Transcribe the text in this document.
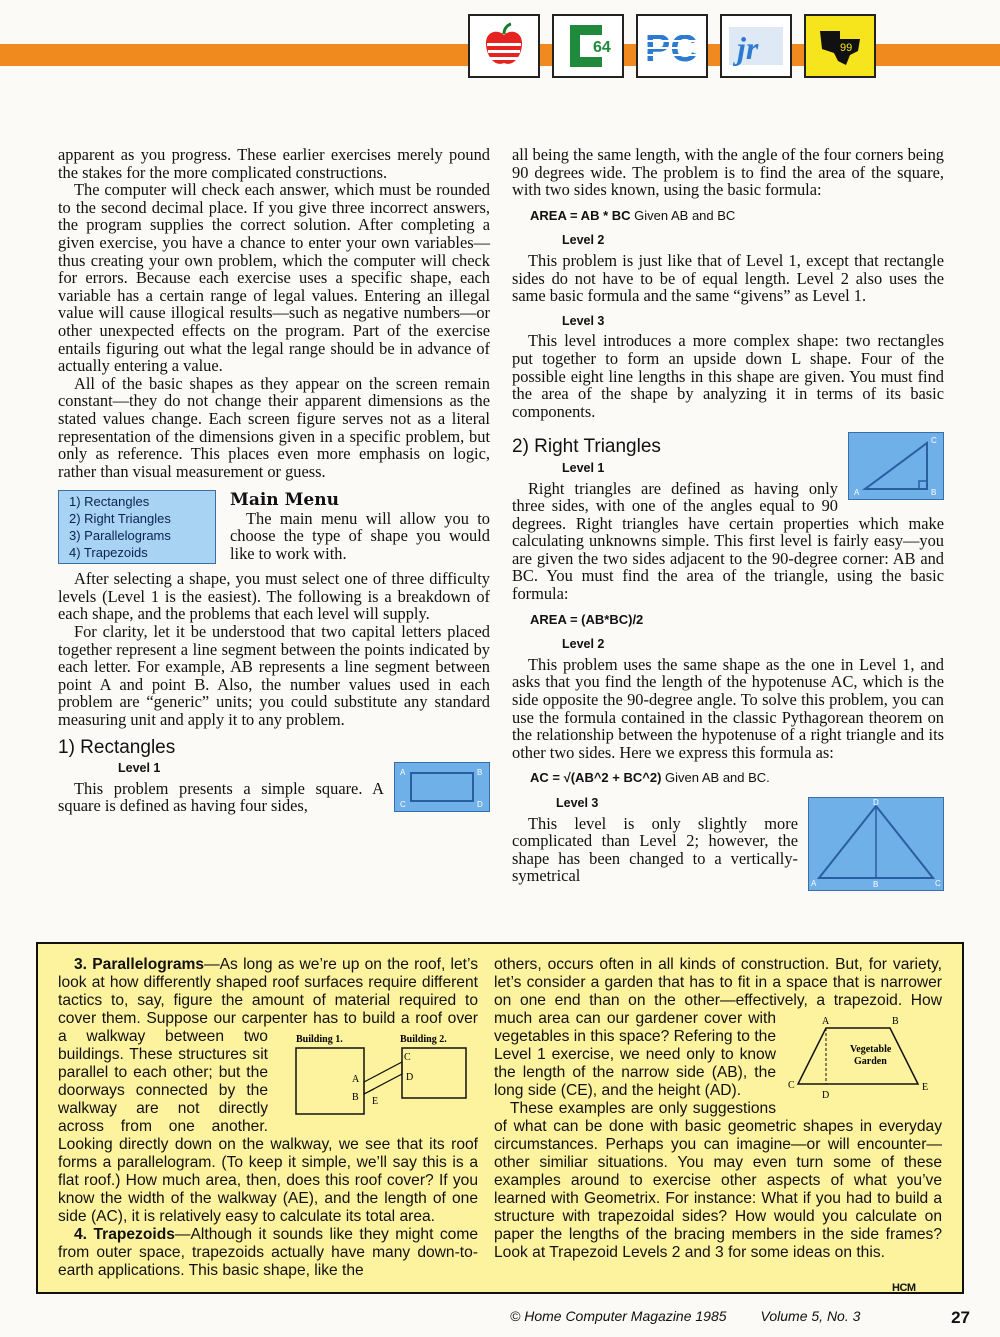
64	jr	99

apparent as you progress. These earlier exercises merely pound the stakes for the more complicated constructions.

The computer will check each answer, which must be rounded to the second decimal place. If you give three incorrect answers, the program supplies the correct solution. After completing a given exercise, you have a chance to enter your own variables—thus creating your own problem, which the computer will check for errors. Because each exercise uses a specific shape, each variable has a certain range of legal values. Entering an illegal value will cause illogical results—such as negative numbers—or other unexpected effects on the program. Part of the exercise entails figuring out what the legal range should be in advance of actually entering a value.

All of the basic shapes as they appear on the screen remain constant—they do not change their apparent dimensions as the stated values change. Each screen figure serves not as a literal representation of the dimensions given in a specific problem, but only as reference. This places even more emphasis on logic, rather than visual measurement or guess.

1) Rectangles
2) Right Triangles
3) Parallelograms
4) Trapezoids
Main Menu

The main menu will allow you to choose the type of shape you would like to work with.

After selecting a shape, you must select one of three difficulty levels (Level 1 is the easiest). The following is a breakdown of each shape, and the problems that each level will supply.

For clarity, let it be understood that two capital letters placed together represent a line segment between the points indicated by each letter. For example, AB represents a line segment between point A and point B. Also, the number values used in each problem are “generic” units; you could substitute any standard measuring unit and apply it to any problem.

1) Rectangles
A	B
C	D
Level 1

This problem presents a simple square. A square is defined as having four sides,

all being the same length, with the angle of the four corners being 90 degrees wide. The problem is to find the area of the square, with two sides known, using the basic formula:

AREA = AB * BC Given AB and BC
Level 2

This problem is just like that of Level 1, except that rectangle sides do not have to be of equal length. Level 2 also uses the same basic formula and the same “givens” as Level 1.

Level 3

This level introduces a more complex shape: two rectangles put together to form an upside down L shape. Four of the possible eight line lengths in this shape are given. You must find the area of the shape by analyzing it in terms of its basic components.

A	B
C
2) Right Triangles
Level 1

Right triangles are defined as having only three sides, with one of the angles equal to 90 degrees. Right triangles have certain properties which make calculating unknowns simple. This first level is fairly easy—you are given the two sides adjacent to the 90-degree corner: AB and BC. You must find the area of the triangle, using the basic formula:

AREA = (AB*BC)/2
Level 2

This problem uses the same shape as the one in Level 1, and asks that you find the length of the hypotenuse AC, which is the side opposite the 90-degree angle. To solve this problem, you can use the formula contained in the classic Pythagorean theorem on the relationship between the hypotenuse of a right triangle and its other two sides. Here we express this formula as:

AC = √(AB^2 + BC^2) Given AB and BC.
A	B	C
D
Level 3

This level is only slightly more complicated than Level 2; however, the shape has been changed to a vertically-symetrical

3. Parallelograms—As long as we’re up on the roof, let’s look at how differently shaped roof surfaces require different tactics to, say, figure the amount of material required to cover them. Suppose our carpenter has to build a roof over a	Building 1.	Building 2.
A
B
C
D
E
walkway between two buildings. These structures sit parallel to each other; but the doorways connected by the walkway are not directly across from one another. Looking directly down on the walkway, we see that its roof forms a parallelogram. (To keep it simple, we’ll say this is a flat roof.) How much area, then, does this roof cover? If you know the width of the walkway (AE), and the length of one side (AC), it is relatively easy to calculate its total area.

4. Trapezoids—Although it sounds like they might come from outer space, trapezoids actually have many down-to-earth applications. This basic shape, like the

others, occurs often in all kinds of construction. But, for variety, let’s consider a garden that has to fit in a space that is narrower on one end than on the other—effectively, a trapezoid. How much area can our gardener	A	B
C
D
E
Vegetable
Garden
cover with vegetables in this space? Refering to the Level 1 exercise, we need only to know the length of the narrow side (AB), the long side (CE), and the height (AD).

These examples are only suggestions of what can be done with basic geometric shapes in everyday circumstances. Perhaps you can imagine—or will encounter—other similiar situations. You may even turn some of these examples around to exercise other aspects of what you’ve learned with Geometrix. For instance: What if you had to build a structure with trapezoidal sides? How would you calculate on paper the lengths of the bracing members in the side frames? Look at Trapezoid Levels 2 and 3 for some ideas on this.

HCM
© Home Computer Magazine 1985 Volume 5, No. 3	27
